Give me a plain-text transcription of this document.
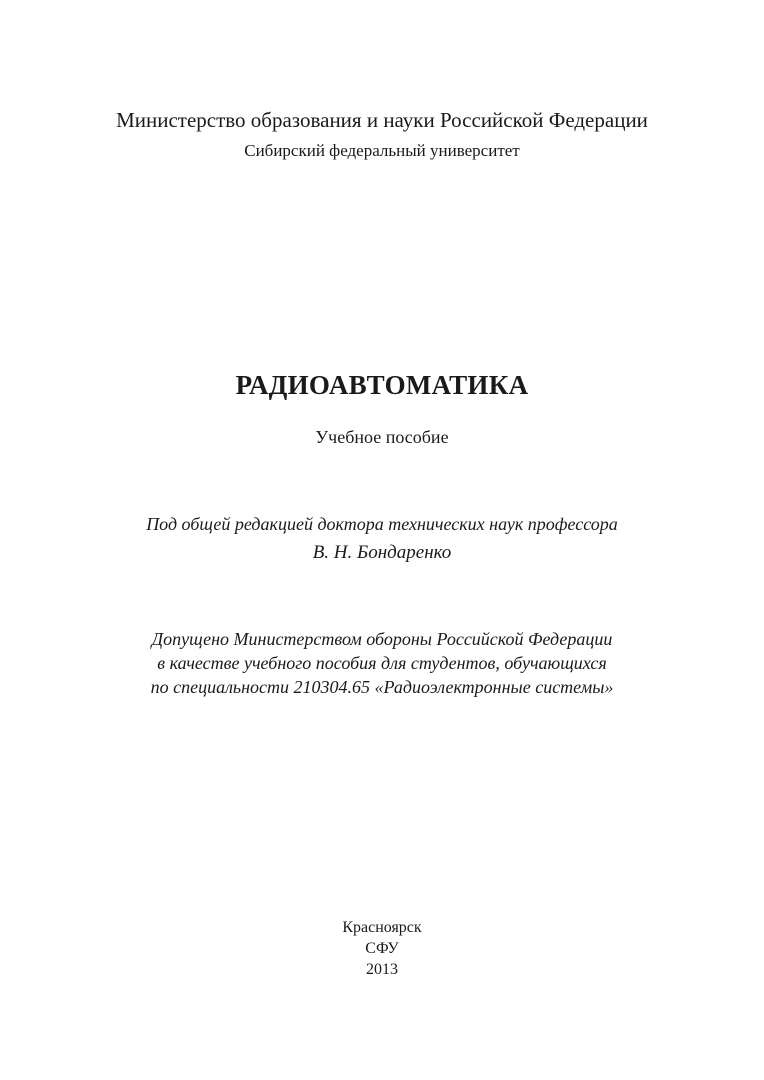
Министерство образования и науки Российской Федерации
Сибирский федеральный университет
РАДИОАВТОМАТИКА
Учебное пособие
Под общей редакцией доктора технических наук профессора
В. Н. Бондаренко
Допущено Министерством обороны Российской Федерации
в качестве учебного пособия для студентов, обучающихся
по специальности 210304.65 «Радиоэлектронные системы»
Красноярск
СФУ
2013
